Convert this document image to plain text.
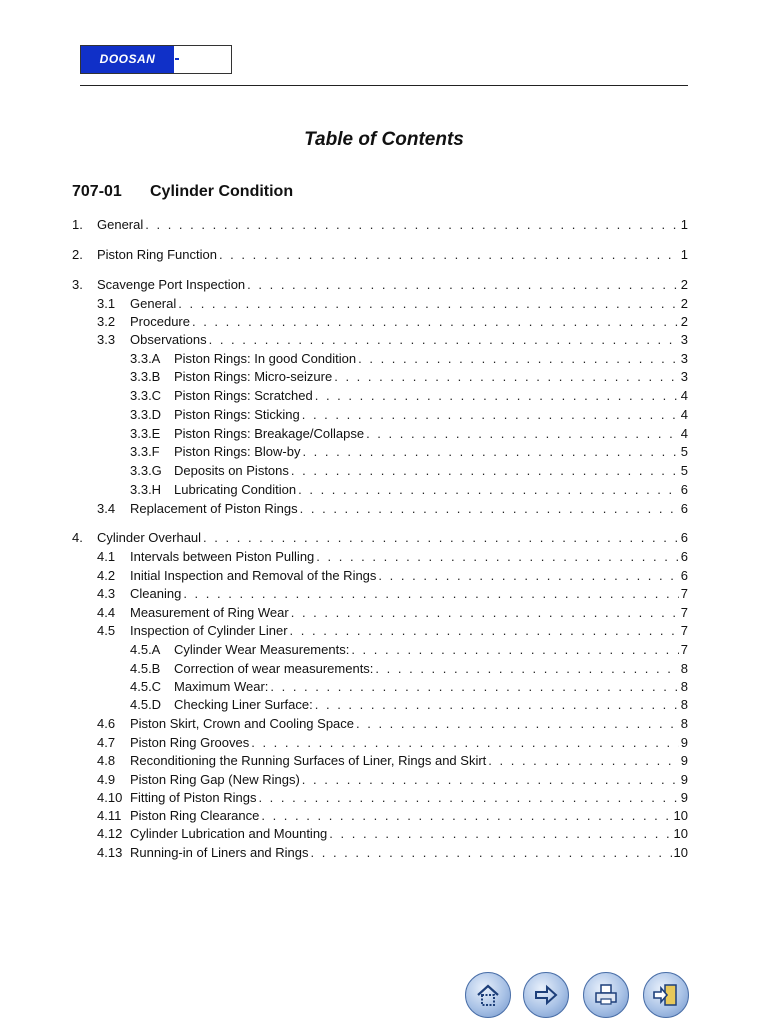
DOOSAN
Table of Contents
707-01 Cylinder Condition
1.	General . . .	1
2.	Piston Ring Function . . .	1
3.	Scavenge Port Inspection . . .	2
3.1	General . . .	2
3.2	Procedure . . .	2
3.3	Observations . . .	3
3.3.A	Piston Rings: In good Condition . . .	3
3.3.B	Piston Rings: Micro-seizure . . .	3
3.3.C Piston Rings: Scratched . . .	4
3.3.D Piston Rings: Sticking . . .	4
3.3.E	Piston Rings: Breakage/Collapse . . .	4
3.3.F	Piston Rings: Blow-by . . .	5
3.3.G Deposits on Pistons . . .	5
3.3.H Lubricating Condition . . .	6
3.4	Replacement of Piston Rings . . .	6
4.	Cylinder Overhaul . . .	6
4.1	Intervals between Piston Pulling . . .	6
4.2	Initial Inspection and Removal of the Rings . . .	6
4.3	Cleaning . . .	7
4.4	Measurement of Ring Wear . . .	7
4.5	Inspection of Cylinder Liner . . .	7
4.5.A	Cylinder Wear Measurements: . . .	7
4.5.B	Correction of wear measurements: . . .	8
4.5.C Maximum Wear: . . .	8
4.5.D Checking Liner Surface: . . .	8
4.6	Piston Skirt, Crown and Cooling Space . . .	8
4.7	Piston Ring Grooves . . .	9
4.8	Reconditioning the Running Surfaces of Liner, Rings and Skirt . . .	9
4.9	Piston Ring Gap (New Rings) . . .	9
4.10 Fitting of Piston Rings . . .	9
4.11 Piston Ring Clearance . . .	10
4.12 Cylinder Lubrication and Mounting . . .	10
4.13 Running-in of Liners and Rings . . .	10
